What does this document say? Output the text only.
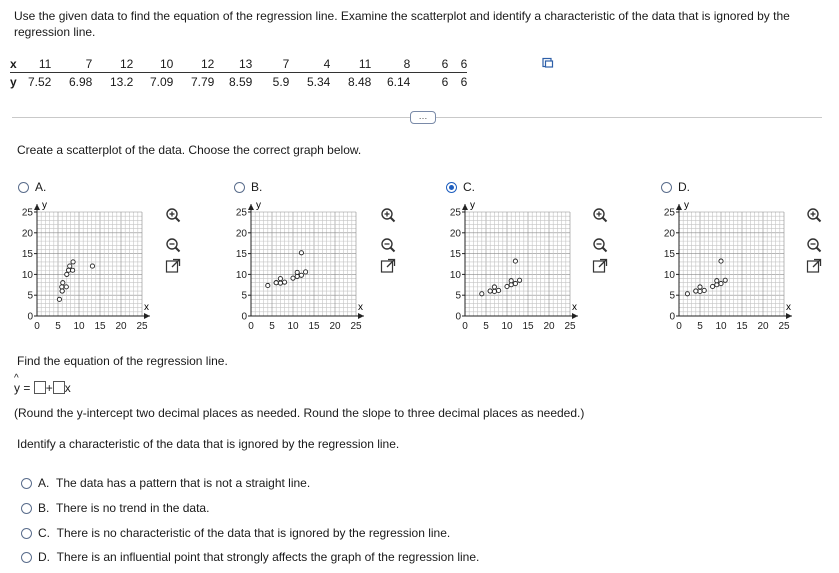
Use the given data to find the equation of the regression line. Examine the scatterplot and identify a characteristic of the data that is ignored by the regression line.
x	11	7	12	10	12	13	7	4	11	8	6	6
y	7.52	6.98	13.2	7.09	7.79	8.59	5.9	5.34	8.48	6.14	6	6
…
Create a scatterplot of the data. Choose the correct graph below.
A.	B.	C.	D.
y
x
25
20
15
10
5
0
0 5 10 15 20 25
y
x
25
20
15
10
5
0
0 5 10 15 20 25
y
x
25
20
15
10
5
0
0 5 10 15 20 25
y
x
25
20
15
10
5
0
0 5 10 15 20 25
Find the equation of the regression line.
^
y = + x
(Round the y-intercept two decimal places as needed. Round the slope to three decimal places as needed.)
Identify a characteristic of the data that is ignored by the regression line.
A. The data has a pattern that is not a straight line.
B. There is no trend in the data.
C. There is no characteristic of the data that is ignored by the regression line.
D. There is an influential point that strongly affects the graph of the regression line.
